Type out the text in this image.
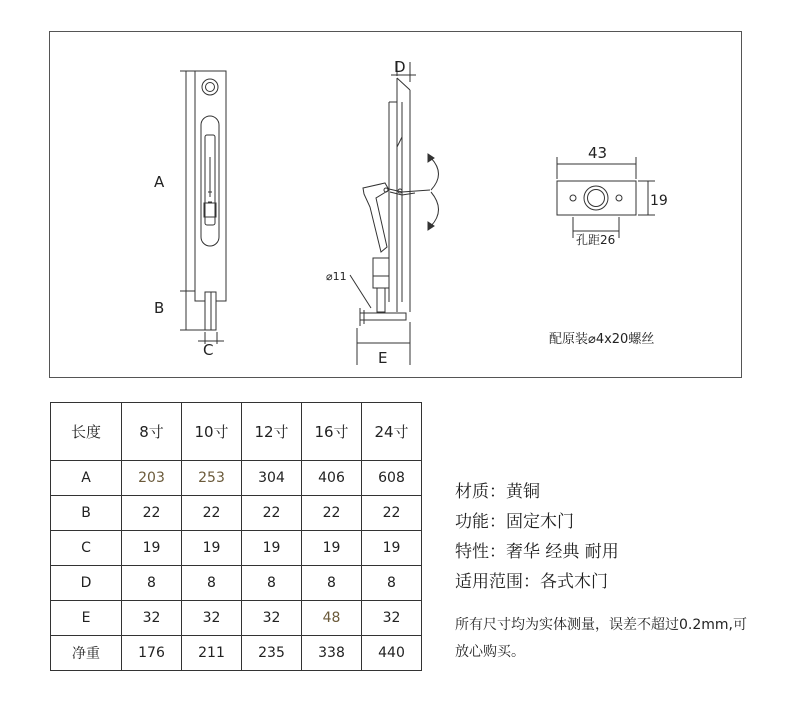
A
B
C
D
E
⌀11
43
19
孔距26
配原装⌀4x20螺丝
长度	8寸	10寸	12寸	16寸	24寸
A	203	253	304	406	608
B	22	22	22	22	22
C	19	19	19	19	19
D	8	8	8	8	8
E	32	32	32	48	32
净重	176	211	235	338	440
材质：黄铜
功能：固定木门
特性：奢华 经典 耐用
适用范围：各式木门
所有尺寸均为实体测量，误差不超过0.2mm,可放心购买。
